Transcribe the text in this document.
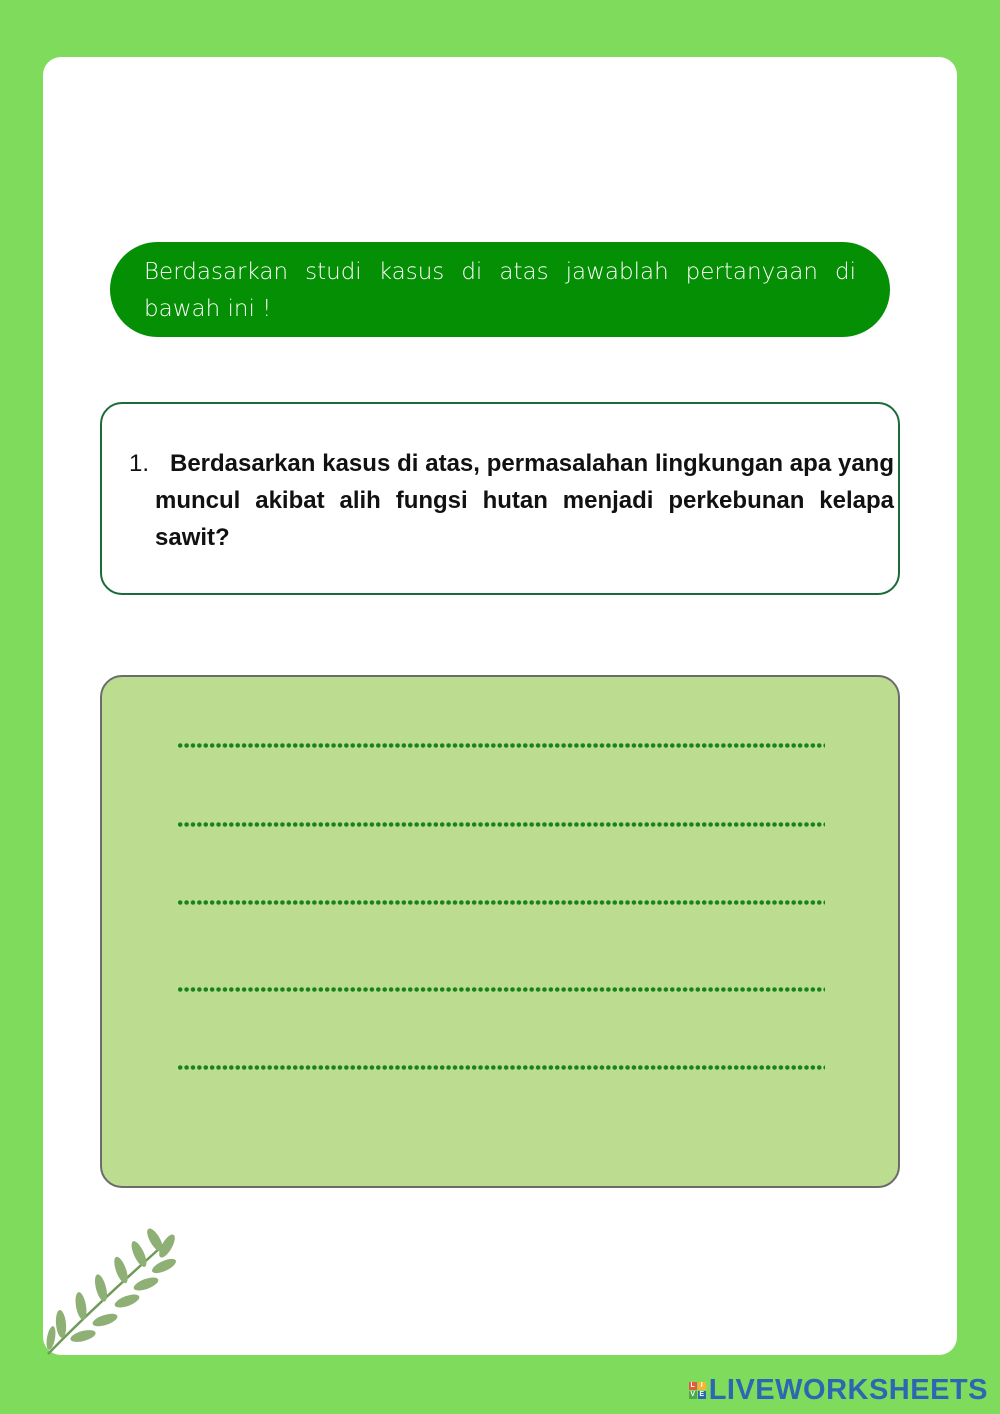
Berdasarkan studi kasus di atas jawablah pertanyaan di bawah ini !

1. Berdasarkan kasus di atas, permasalahan lingkungan apa yang muncul akibat alih fungsi hutan menjadi perkebunan kelapa sawit?

L I
V E LIVEWORKSHEETS
